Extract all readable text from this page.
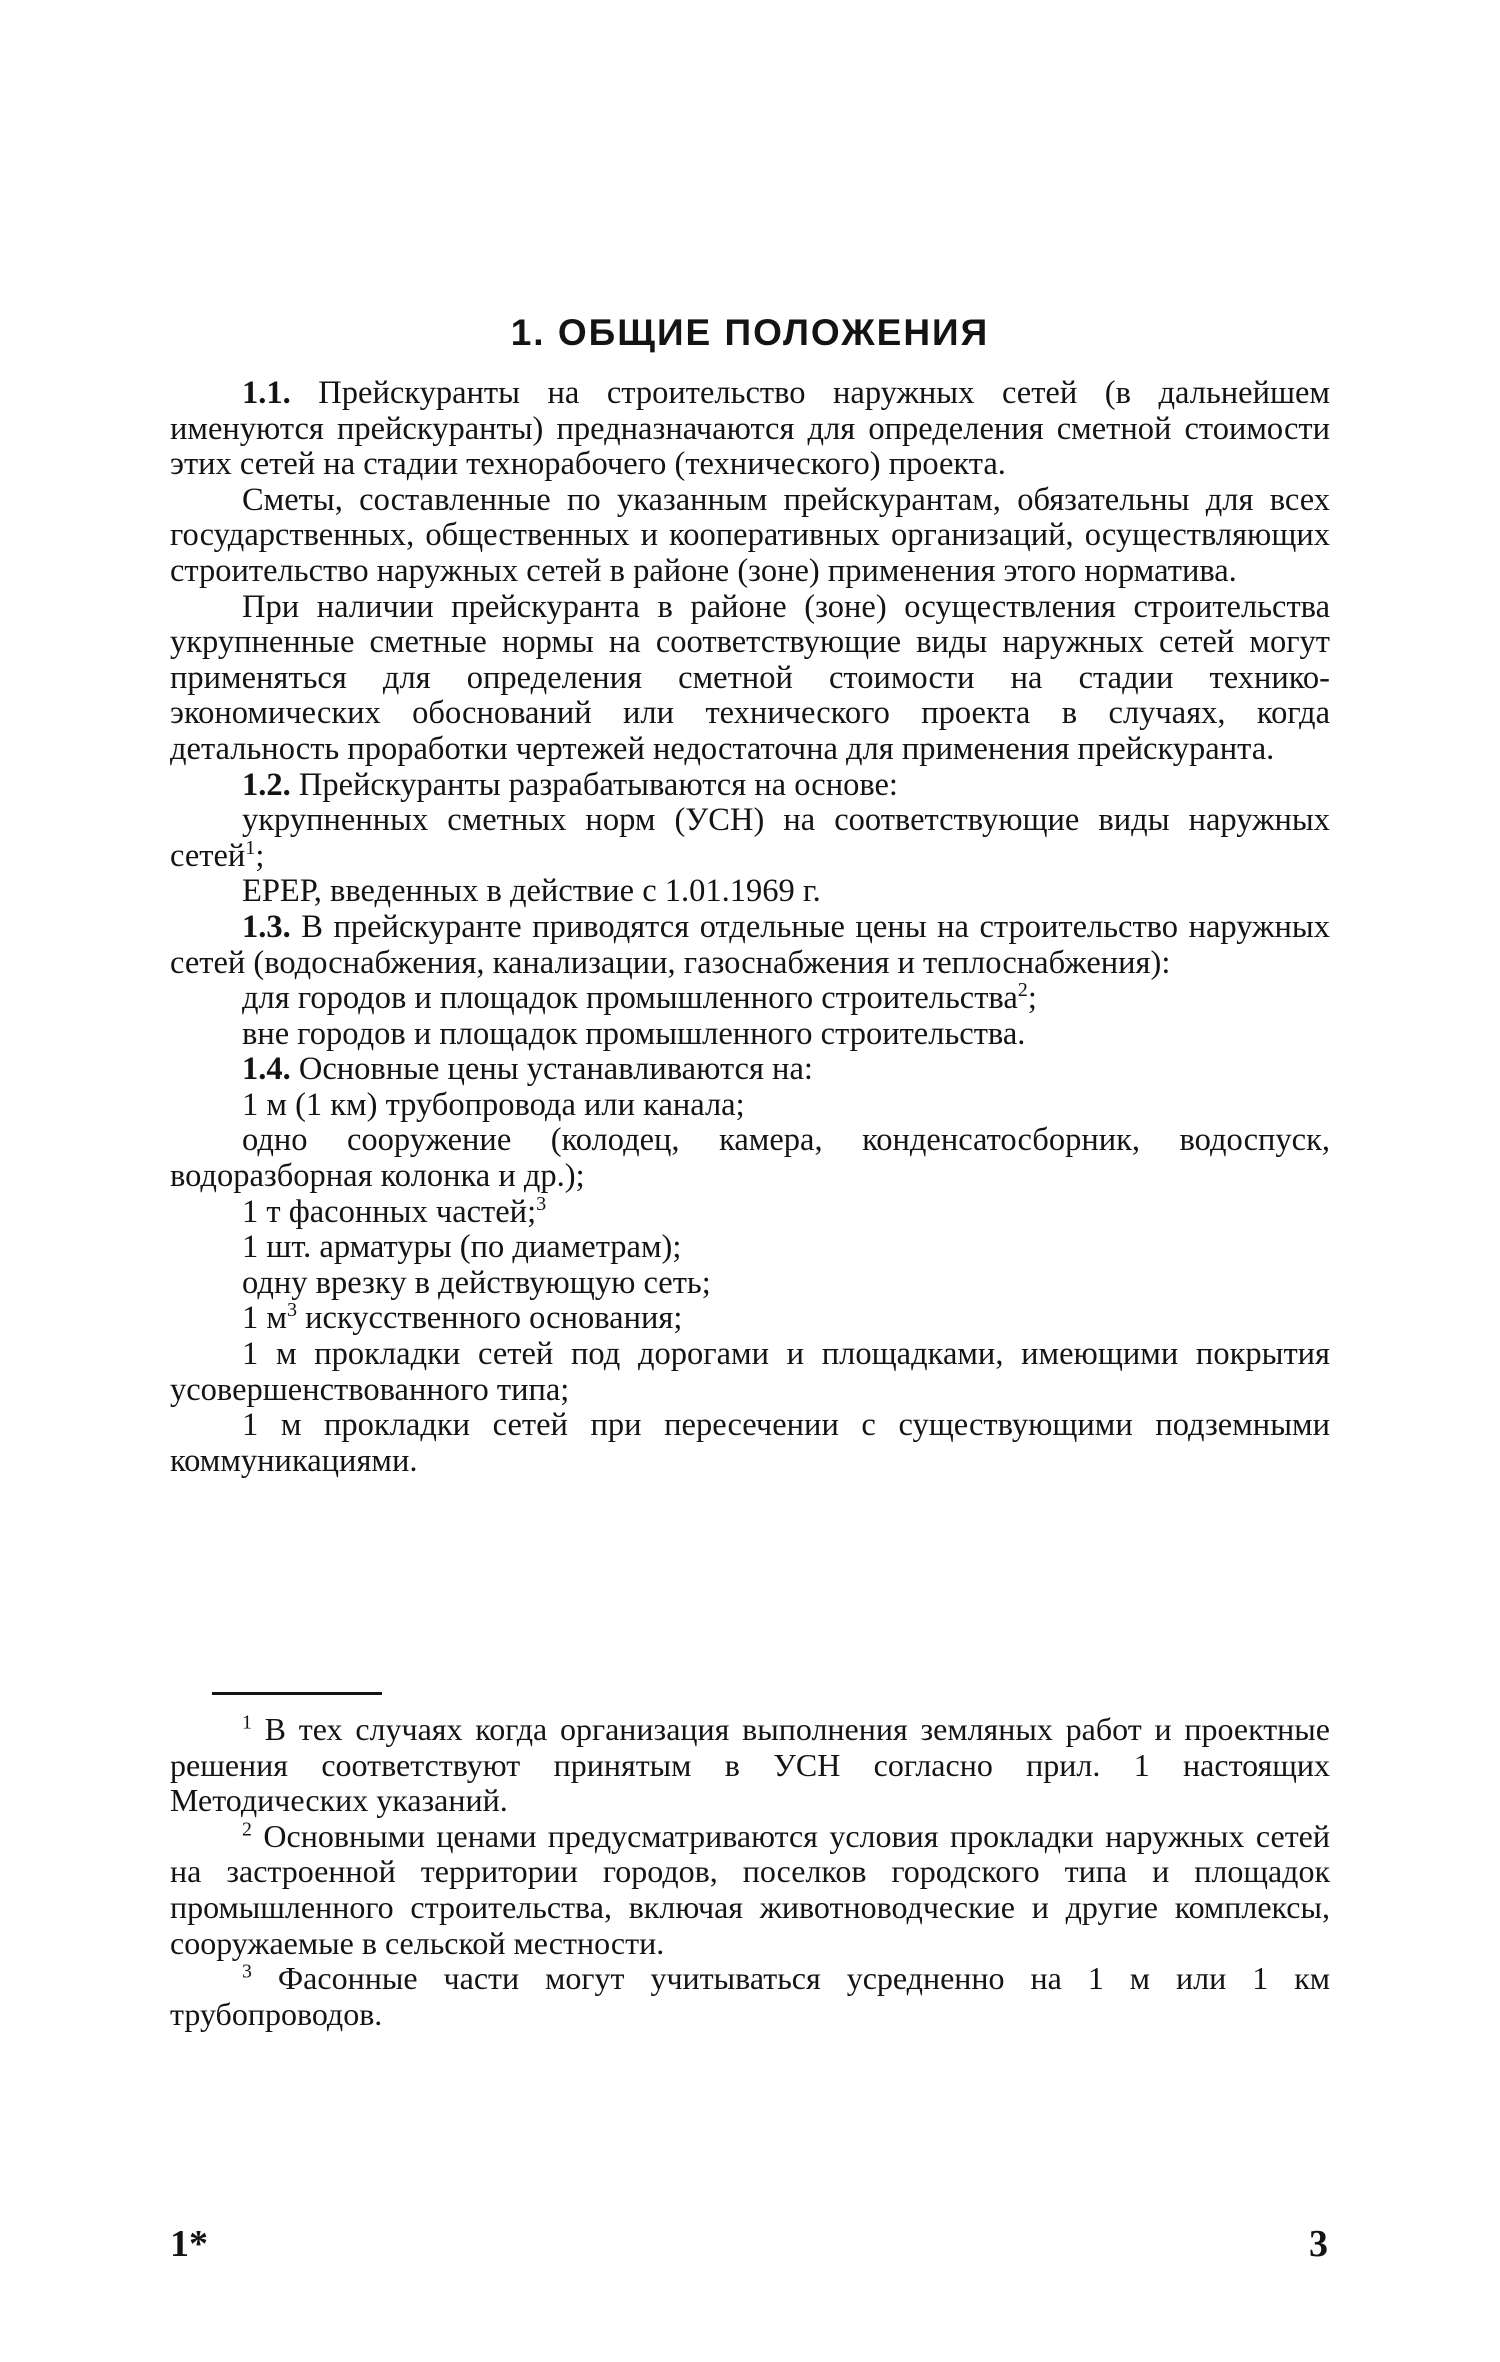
1. ОБЩИЕ ПОЛОЖЕНИЯ

1.1. Прейскуранты на строительство наружных сетей (в дальнейшем именуются прейскуранты) предназначаются для определения сметной стоимости этих сетей на стадии техноpабочего (технического) проекта.

Сметы, составленные по указанным прейскурантам, обязательны для всех государственных, общественных и кооперативных организаций, осуществляющих строительство наружных сетей в районе (зоне) применения этого норматива.

При наличии прейскуранта в районе (зоне) осуществления строительства укрупненные сметные нормы на соответствующие виды наружных сетей могут применяться для определения сметной стоимости на стадии технико-экономических обоснований или технического проекта в случаях, когда детальность проработки чертежей недостаточна для применения прейскуранта.

1.2. Прейскуранты разрабатываются на основе:

укрупненных сметных норм (УСН) на соответствующие виды наружных сетей$^1$;

ЕРЕР, введенных в действие с 1.01.1969 г.

1.3. В прейскуранте приводятся отдельные цены на строительство наружных сетей (водоснабжения, канализации, газоснабжения и теплоснабжения):

для городов и площадок промышленного строительства$^2$;

вне городов и площадок промышленного строительства.

1.4. Основные цены устанавливаются на:

1 м (1 км) трубопровода или канала;

одно сооружение (колодец, камера, конденсатосборник, водоспуск, водоразборная колонка и др.);

1 т фасонных частей;$^3$

1 шт. арматуры (по диаметрам);

одну врезку в действующую сеть;

1 $м^3$ искусственного основания;

1 м прокладки сетей под дорогами и площадками, имеющими покрытия усовершенствованного типа;

1 м прокладки сетей при пересечении с существующими подземными коммуникациями.

$^1$ В тех случаях когда организация выполнения земляных работ и проектные решения соответствуют принятым в УСН согласно прил. 1 настоящих Методических указаний.

$^2$ Основными ценами предусматриваются условия прокладки наружных сетей на застроенной территории городов, поселков городского типа и площадок промышленного строительства, включая животноводческие и другие комплексы, сооружаемые в сельской местности.

$^3$ Фасонные части могут учитываться усредненно на 1 м или 1 км трубопроводов.

1*	3
